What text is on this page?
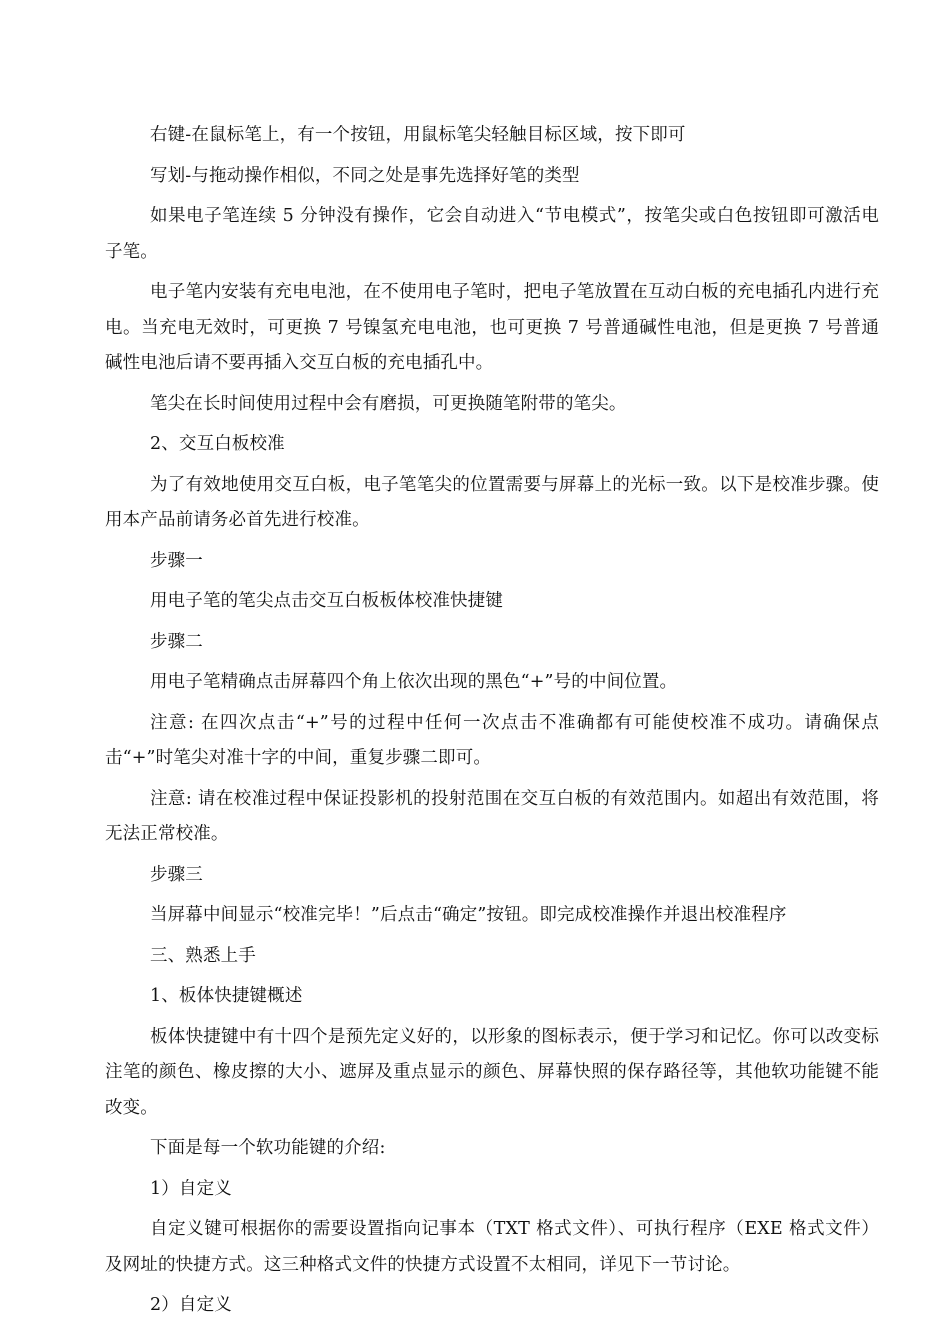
右键-在鼠标笔上，有一个按钮，用鼠标笔尖轻触目标区域，按下即可

写划-与拖动操作相似，不同之处是事先选择好笔的类型

如果电子笔连续 5 分钟没有操作，它会自动进入“节电模式”，按笔尖或白色按钮即可激活电子笔。

电子笔内安装有充电电池，在不使用电子笔时，把电子笔放置在互动白板的充电插孔内进行充电。当充电无效时，可更换 7 号镍氢充电电池，也可更换 7 号普通碱性电池，但是更换 7 号普通碱性电池后请不要再插入交互白板的充电插孔中。

笔尖在长时间使用过程中会有磨损，可更换随笔附带的笔尖。

2、交互白板校准

为了有效地使用交互白板，电子笔笔尖的位置需要与屏幕上的光标一致。以下是校准步骤。使用本产品前请务必首先进行校准。

步骤一

用电子笔的笔尖点击交互白板板体校准快捷键

步骤二

用电子笔精确点击屏幕四个角上依次出现的黑色“+”号的中间位置。

注意: 在四次点击“+”号的过程中任何一次点击不准确都有可能使校准不成功。请确保点击“+”时笔尖对准十字的中间，重复步骤二即可。

注意: 请在校准过程中保证投影机的投射范围在交互白板的有效范围内。如超出有效范围，将无法正常校准。

步骤三

当屏幕中间显示“校准完毕！”后点击“确定”按钮。即完成校准操作并退出校准程序

三、熟悉上手

1、板体快捷键概述

板体快捷键中有十四个是预先定义好的，以形象的图标表示，便于学习和记忆。你可以改变标注笔的颜色、橡皮擦的大小、遮屏及重点显示的颜色、屏幕快照的保存路径等，其他软功能键不能改变。

下面是每一个软功能键的介绍:

1）自定义

自定义键可根据你的需要设置指向记事本（TXT 格式文件）、可执行程序（EXE 格式文件）及网址的快捷方式。这三种格式文件的快捷方式设置不太相同，详见下一节讨论。

2）自定义
